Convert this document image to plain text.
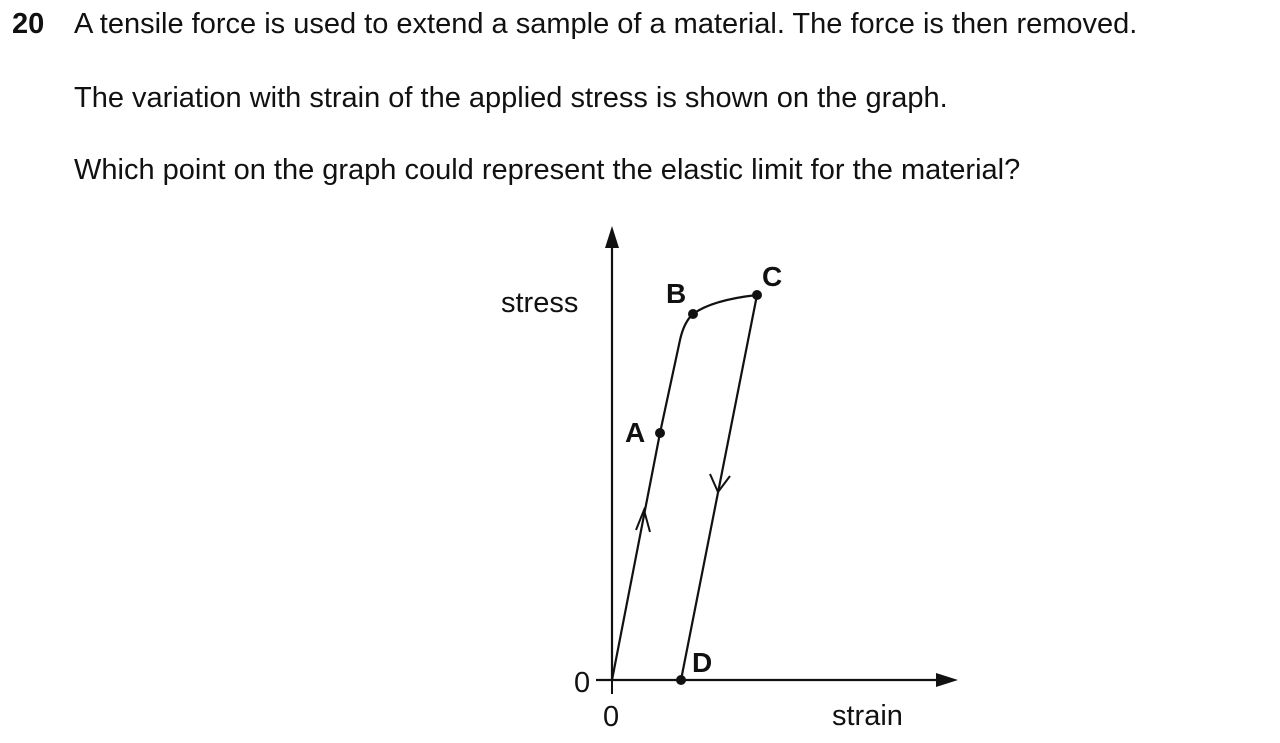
20 A tensile force is used to extend a sample of a material. The force is then removed.
The variation with strain of the applied stress is shown on the graph.
Which point on the graph could represent the elastic limit for the material?
A
B
C
D
stress
strain
0
0
